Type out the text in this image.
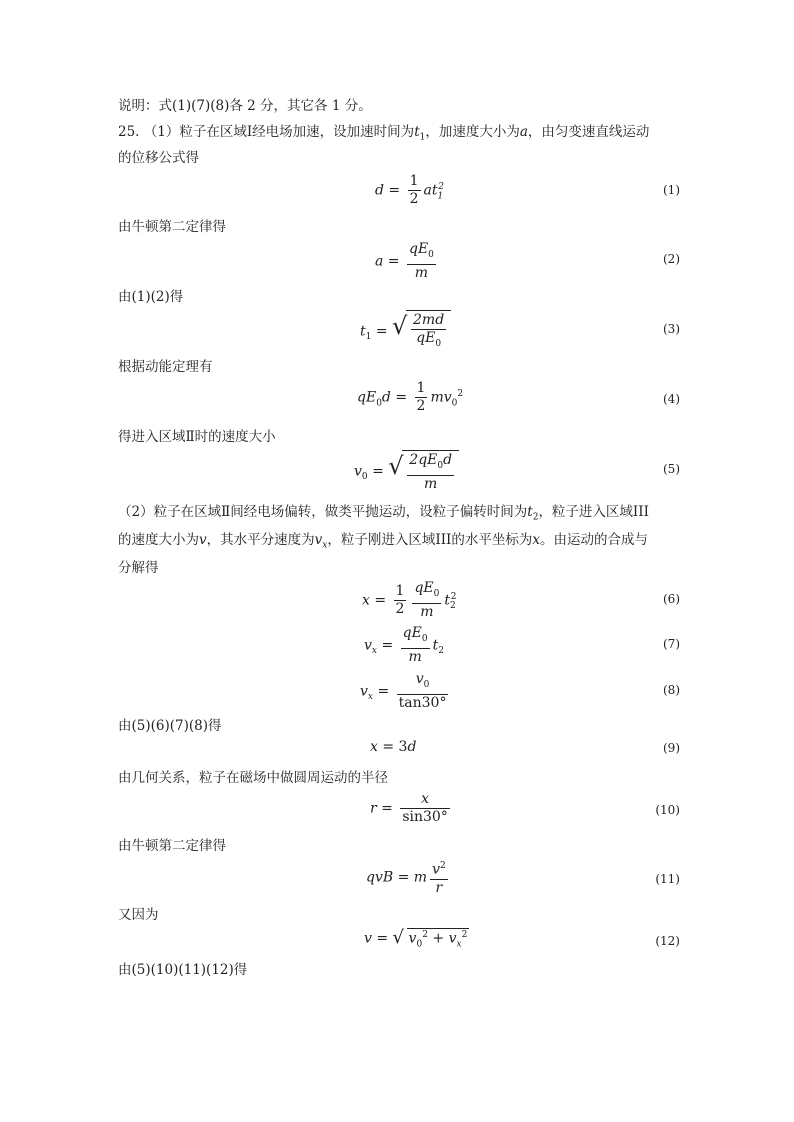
说明：式(1)(7)(8)各 2 分，其它各 1 分。
25. （1）粒子在区域Ⅰ经电场加速，设加速时间为$t_1$，加速度大小为a，由匀变速直线运动
的位移公式得
$d = \frac{1}{2} at_1^2$	(1)
由牛顿第二定律得
$a = \frac{qE_0}{m}$	(2)
由(1)(2)得
$t_1$ = √ $\frac{2md}{qE_0}$	(3)
根据动能定理有
$qE_0d = \frac{1}{2} mv_0^2$	(4)
得进入区域Ⅱ时的速度大小
$v_0$ = √ $\frac{2qE_0d}{m}$	(5)
（2）粒子在区域Ⅱ间经电场偏转，做类平抛运动，设粒子偏转时间为$t_2$，粒子进入区域III
的速度大小为v，其水平分速度为$v_x$，粒子刚进入区域III的水平坐标为x。由运动的合成与
分解得
$x = \frac{1}{2} \frac{qE_0}{m} t_2^2$	(6)
$v_x = \frac{qE_0}{m} t_2$
(7)
$v_x = \frac{v_0}{\tan 30^\circ}$	(8)
由(5)(6)(7)(8)得
x = 3d	(9)
由几何关系，粒子在磁场中做圆周运动的半径
$r = \frac{x}{\sin 30^\circ}$	(10)
由牛顿第二定律得
qvB = m $\frac{v^2}{r}$	(11)
又因为
v = √ $v_0^2 + v_x^2$	(12)
由(5)(10)(11)(12)得
